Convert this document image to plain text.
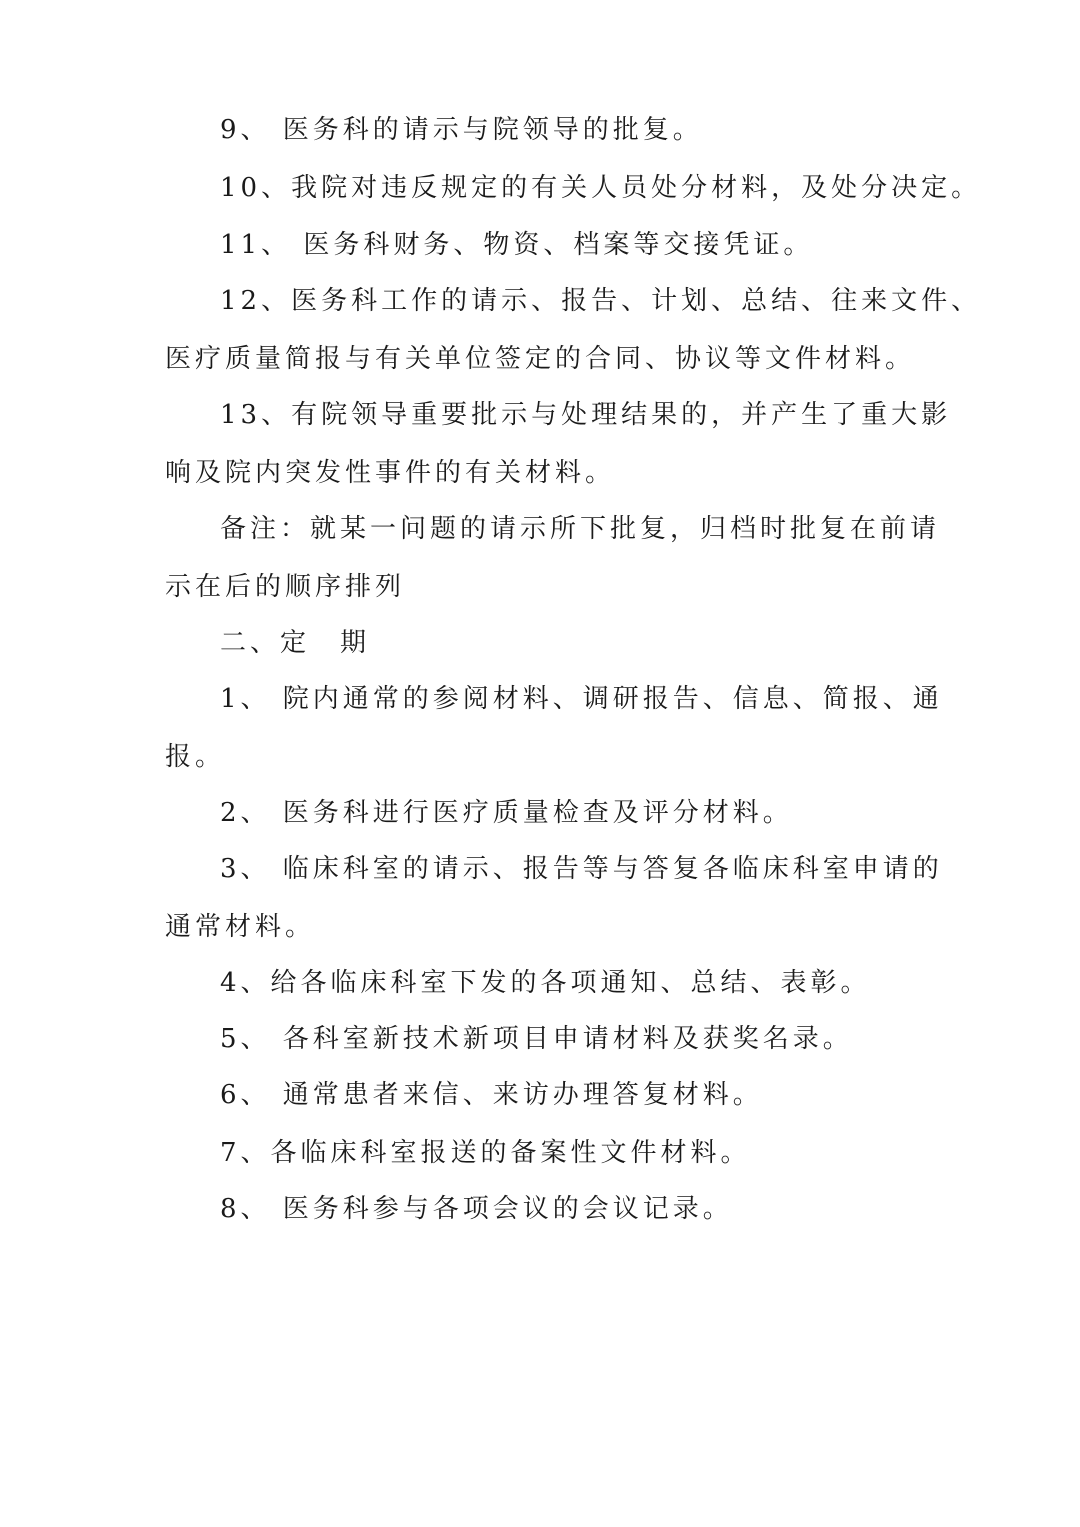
9、 医务科的请示与院领导的批复。
10、我院对违反规定的有关人员处分材料，及处分决定。
11、 医务科财务、物资、档案等交接凭证。
12、医务科工作的请示、报告、计划、总结、往来文件、
医疗质量简报与有关单位签定的合同、协议等文件材料。
13、有院领导重要批示与处理结果的，并产生了重大影
响及院内突发性事件的有关材料。
备注：就某一问题的请示所下批复，归档时批复在前请
示在后的顺序排列
二、定　期
1、 院内通常的参阅材料、调研报告、信息、简报、通
报。
2、 医务科进行医疗质量检查及评分材料。
3、 临床科室的请示、报告等与答复各临床科室申请的
通常材料。
4、给各临床科室下发的各项通知、总结、表彰。
5、 各科室新技术新项目申请材料及获奖名录。
6、 通常患者来信、来访办理答复材料。
7、各临床科室报送的备案性文件材料。
8、 医务科参与各项会议的会议记录。
